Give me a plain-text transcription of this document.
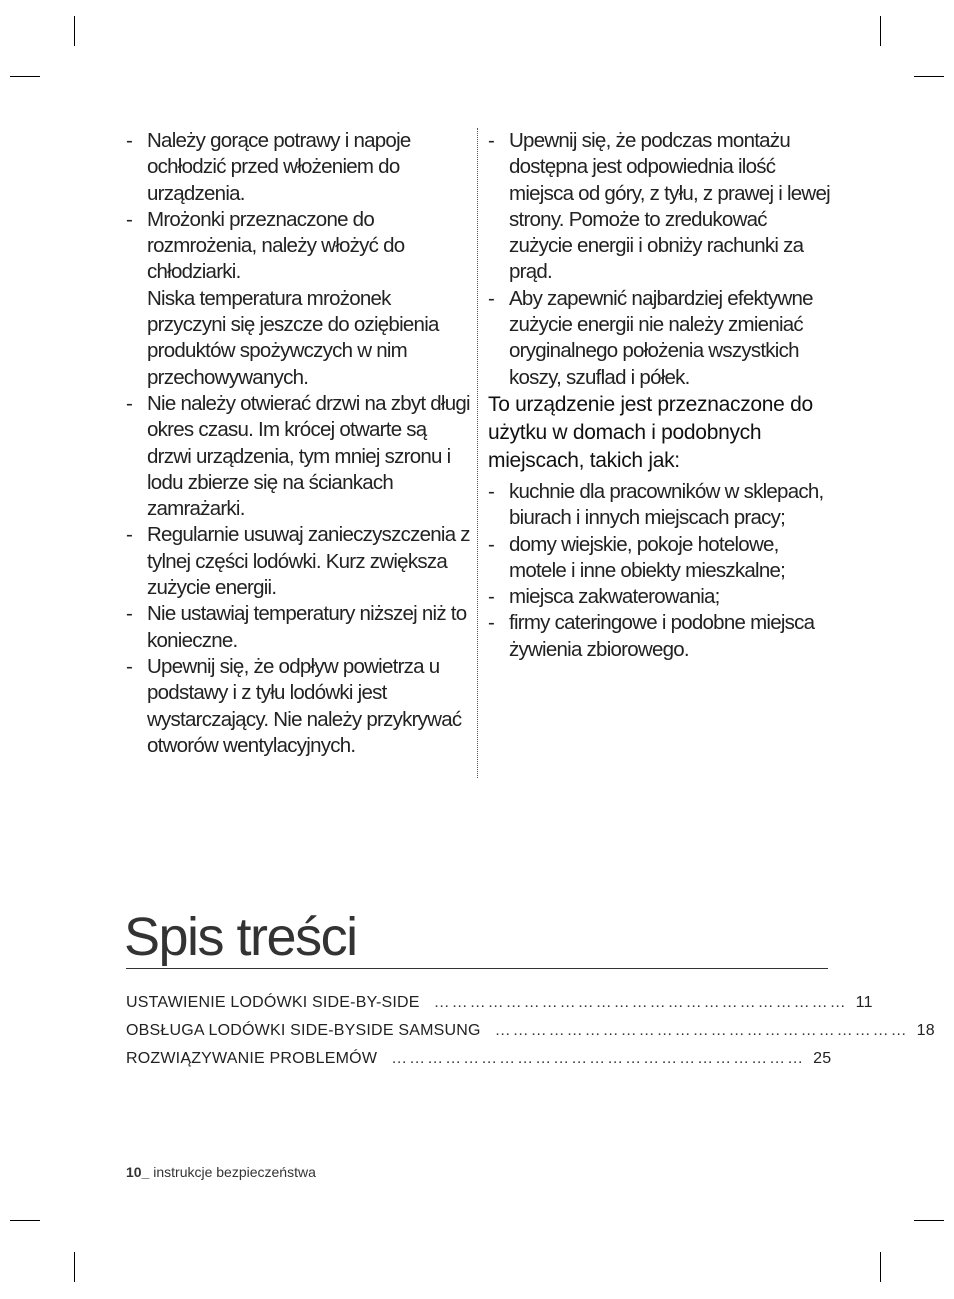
- Należy gorące potrawy i napoje ochłodzić przed włożeniem do urządzenia.
- Mrożonki przeznaczone do rozmrożenia, należy włożyć do chłodziarki.
Niska temperatura mrożonek przyczyni się jeszcze do oziębienia produktów spożywczych w nim przechowywanych.
- Nie należy otwierać drzwi na zbyt długi okres czasu. Im krócej otwarte są drzwi urządzenia, tym mniej szronu i lodu zbierze się na ściankach zamrażarki.
- Regularnie usuwaj zanieczyszczenia z tylnej części lodówki. Kurz zwiększa zużycie energii.
- Nie ustawiaj temperatury niższej niż to konieczne.
- Upewnij się, że odpływ powietrza u podstawy i z tyłu lodówki jest wystarczający. Nie należy przykrywać otworów wentylacyjnych.
- Upewnij się, że podczas montażu dostępna jest odpowiednia ilość miejsca od góry, z tyłu, z prawej i lewej strony. Pomoże to zredukować zużycie energii i obniży rachunki za prąd.
- Aby zapewnić najbardziej efektywne zużycie energii nie należy zmieniać oryginalnego położenia wszystkich koszy, szuflad i półek.
To urządzenie jest przeznaczone do użytku w domach i podobnych miejscach, takich jak:
- kuchnie dla pracowników w sklepach, biurach i innych miejscach pracy;
- domy wiejskie, pokoje hotelowe, motele i inne obiekty mieszkalne;
- miejsca zakwaterowania;
- firmy cateringowe i podobne miejsca żywienia zbiorowego.
Spis treści
USTAWIENIE LODÓWKI SIDE-BY-SIDE …………………………………………………………… 11
OBSŁUGA LODÓWKI SIDE-BYSIDE SAMSUNG …………………………………………………………… 18
ROZWIĄZYWANIE PROBLEMÓW …………………………………………………………… 25
10_ instrukcje bezpieczeństwa
